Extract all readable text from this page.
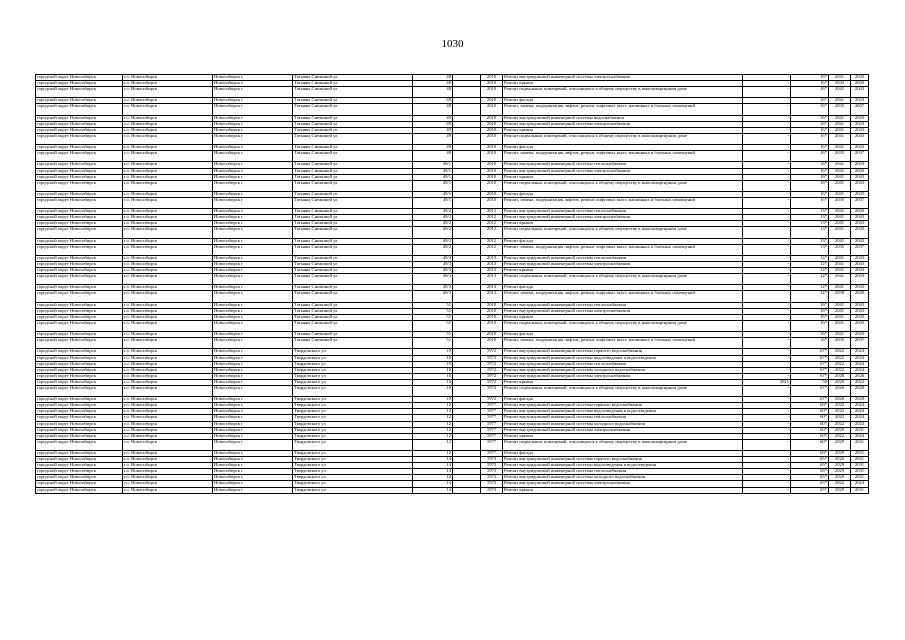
1030
городской округ Новосибирск	г.о. Новосибирск	Новосибирск г	Татьяны Снежиной ул	48		2010	Ремонт внутридомовой инженерной системы электроснабжения	-	16*	2041	2043
городской округ Новосибирск	г.о. Новосибирск	Новосибирск г	Татьяны Снежиной ул	48		2010	Ремонт крыши	-	16*	2043	2043
городской округ Новосибирск	г.о. Новосибирск	Новосибирск г	Татьяны Снежиной ул	48		2010	Ремонт подвальных помещений, относящихся к общему имуществу в многоквартирном доме	-	16*	2041	2043
городской округ Новосибирск	г.о. Новосибирск	Новосибирск г	Татьяны Снежиной ул	48		2010	Ремонт фасада	-	16*	2041	2043
городской округ Новосибирск	г.о. Новосибирск	Новосибирск г	Татьяны Снежиной ул	48		2010	Ремонт, замена, модернизация лифтов, ремонт лифтовых шахт, машинных и блочных помещений	-	16*	2035	2037
городской округ Новосибирск	г.о. Новосибирск	Новосибирск г	Татьяны Снежиной ул	49		2010	Ремонт внутридомовой инженерной системы водоснабжения	-	16*	2041	2043
городской округ Новосибирск	г.о. Новосибирск	Новосибирск г	Татьяны Снежиной ул	49		2010	Ремонт внутридомовой инженерной системы электроснабжения	-	16*	2041	2043
городской округ Новосибирск	г.о. Новосибирск	Новосибирск г	Татьяны Снежиной ул	49		2010	Ремонт крыши	-	16*	2041	2043
городской округ Новосибирск	г.о. Новосибирск	Новосибирск г	Татьяны Снежиной ул	49		2010	Ремонт подвальных помещений, относящихся к общему имуществу в многоквартирном доме	-	16*	2041	2043
городской округ Новосибирск	г.о. Новосибирск	Новосибирск г	Татьяны Снежиной ул	49		2010	Ремонт фасада	-	16*	2041	2043
городской округ Новосибирск	г.о. Новосибирск	Новосибирск г	Татьяны Снежиной ул	49		2010	Ремонт, замена, модернизация лифтов, ремонт лифтовых шахт, машинных и блочных помещений	-	16*	2035	2037
городской округ Новосибирск	г.о. Новосибирск	Новосибирск г	Татьяны Снежиной ул	49/1		2010	Ремонт внутридомовой инженерной системы теплоснабжения	-	16*	2041	2043
городской округ Новосибирск	г.о. Новосибирск	Новосибирск г	Татьяны Снежиной ул	49/1		2010	Ремонт внутридомовой инженерной системы электроснабжения	-	16*	2041	2043
городской округ Новосибирск	г.о. Новосибирск	Новосибирск г	Татьяны Снежиной ул	49/1		2010	Ремонт крыши	-	16*	2041	2043
городской округ Новосибирск	г.о. Новосибирск	Новосибирск г	Татьяны Снежиной ул	49/1		2010	Ремонт подвальных помещений, относящихся к общему имуществу в многоквартирном доме	-	16*	2041	2043
городской округ Новосибирск	г.о. Новосибирск	Новосибирск г	Татьяны Снежиной ул	49/1		2010	Ремонт фасада	-	16*	2041	2043
городской округ Новосибирск	г.о. Новосибирск	Новосибирск г	Татьяны Снежиной ул	49/1		2010	Ремонт, замена, модернизация лифтов, ремонт лифтовых шахт, машинных и блочных помещений	-	16*	2035	2037
городской округ Новосибирск	г.о. Новосибирск	Новосибирск г	Татьяны Снежиной ул	49/2		2012	Ремонт внутридомовой инженерной системы теплоснабжения	-	13*	2041	2043
городской округ Новосибирск	г.о. Новосибирск	Новосибирск г	Татьяны Снежиной ул	49/2		2012	Ремонт внутридомовой инженерной системы электроснабжения	-	13*	2041	2043
городской округ Новосибирск	г.о. Новосибирск	Новосибирск г	Татьяны Снежиной ул	49/2		2012	Ремонт крыши	-	13*	2041	2043
городской округ Новосибирск	г.о. Новосибирск	Новосибирск г	Татьяны Снежиной ул	49/2		2012	Ремонт подвальных помещений, относящихся к общему имуществу в многоквартирном доме	-	13*	2041	2043
городской округ Новосибирск	г.о. Новосибирск	Новосибирск г	Татьяны Снежиной ул	49/2		2012	Ремонт фасада	-	13*	2041	2043
городской округ Новосибирск	г.о. Новосибирск	Новосибирск г	Татьяны Снежиной ул	49/2		2012	Ремонт, замена, модернизация лифтов, ремонт лифтовых шахт, машинных и блочных помещений	-	13*	2035	2037
городской округ Новосибирск	г.о. Новосибирск	Новосибирск г	Татьяны Снежиной ул	49/3		2013	Ремонт внутридомовой инженерной системы теплоснабжения	-	12*	2041	2043
городской округ Новосибирск	г.о. Новосибирск	Новосибирск г	Татьяны Снежиной ул	49/3		2013	Ремонт внутридомовой инженерной системы электроснабжения	-	12*	2041	2043
городской округ Новосибирск	г.о. Новосибирск	Новосибирск г	Татьяны Снежиной ул	49/3		2013	Ремонт крыши	-	12*	2041	2043
городской округ Новосибирск	г.о. Новосибирск	Новосибирск г	Татьяны Снежиной ул	49/3		2013	Ремонт подвальных помещений, относящихся к общему имуществу в многоквартирном доме	-	12*	2041	2043
городской округ Новосибирск	г.о. Новосибирск	Новосибирск г	Татьяны Снежиной ул	49/3		2013	Ремонт фасада	-	12*	2041	2043
городской округ Новосибирск	г.о. Новосибирск	Новосибирск г	Татьяны Снежиной ул	49/3		2013	Ремонт, замена, модернизация лифтов, ремонт лифтовых шахт, машинных и блочных помещений	-	12*	2038	2040
городской округ Новосибирск	г.о. Новосибирск	Новосибирск г	Татьяны Снежиной ул	51		2010	Ремонт внутридомовой инженерной системы теплоснабжения	-	16*	2041	2043
городской округ Новосибирск	г.о. Новосибирск	Новосибирск г	Татьяны Снежиной ул	51		2010	Ремонт внутридомовой инженерной системы электроснабжения	-	16*	2041	2043
городской округ Новосибирск	г.о. Новосибирск	Новосибирск г	Татьяны Снежиной ул	51		2010	Ремонт крыши	-	16*	2041	2043
городской округ Новосибирск	г.о. Новосибирск	Новосибирск г	Татьяны Снежиной ул	51		2010	Ремонт подвальных помещений, относящихся к общему имуществу в многоквартирном доме	-	16*	2041	2043
городской округ Новосибирск	г.о. Новосибирск	Новосибирск г	Татьяны Снежиной ул	51		2010	Ремонт фасада	-	16*	2041	2043
городской округ Новосибирск	г.о. Новосибирск	Новосибирск г	Татьяны Снежиной ул	51		2010	Ремонт, замена, модернизация лифтов, ремонт лифтовых шахт, машинных и блочных помещений	-	16*	2035	2037
городской округ Новосибирск	г.о. Новосибирск	Новосибирск г	Твардовского ул	10		1972	Ремонт внутридомовой инженерной системы горячего водоснабжения	-	67*	2022	2024
городской округ Новосибирск	г.о. Новосибирск	Новосибирск г	Твардовского ул	10		1972	Ремонт внутридомовой инженерной системы водоотведения и водоотведения	-	67*	2022	2024
городской округ Новосибирск	г.о. Новосибирск	Новосибирск г	Твардовского ул	10		1972	Ремонт внутридомовой инженерной системы теплоснабжения	-	67*	2022	2024
городской округ Новосибирск	г.о. Новосибирск	Новосибирск г	Твардовского ул	10		1972	Ремонт внутридомовой инженерной системы холодного водоснабжения	-	67*	2022	2024
городской округ Новосибирск	г.о. Новосибирск	Новосибирск г	Твардовского ул	10		1972	Ремонт внутридомовой инженерной системы электроснабжения	-	67*	2026	2028
городской округ Новосибирск	г.о. Новосибирск	Новосибирск г	Твардовского ул	10		1972	Ремонт крыши	2021	50	2020	2022
городской округ Новосибирск	г.о. Новосибирск	Новосибирск г	Твардовского ул	10		1972	Ремонт подвальных помещений, относящихся к общему имуществу в многоквартирном доме	-	67*	2026	2028
городской округ Новосибирск	г.о. Новосибирск	Новосибирск г	Твардовского ул	10		1972	Ремонт фасада	-	67*	2026	2028
городской округ Новосибирск	г.о. Новосибирск	Новосибирск г	Твардовского ул	12		1977	Ремонт внутридомовой инженерной системы горячего водоснабжения	-	60*	2022	2024
городской округ Новосибирск	г.о. Новосибирск	Новосибирск г	Твардовского ул	12		1977	Ремонт внутридомовой инженерной системы водоотведения и водоотведения	-	60*	2022	2024
городской округ Новосибирск	г.о. Новосибирск	Новосибирск г	Твардовского ул	12		1977	Ремонт внутридомовой инженерной системы теплоснабжения	-	60*	2022	2024
городской округ Новосибирск	г.о. Новосибирск	Новосибирск г	Твардовского ул	12		1977	Ремонт внутридомовой инженерной системы холодного водоснабжения	-	60*	2022	2024
городской округ Новосибирск	г.о. Новосибирск	Новосибирск г	Твардовского ул	12		1977	Ремонт внутридомовой инженерной системы электроснабжения	-	60*	2029	2031
городской округ Новосибирск	г.о. Новосибирск	Новосибирск г	Твардовского ул	12		1977	Ремонт крыши	-	60*	2022	2024
городской округ Новосибирск	г.о. Новосибирск	Новосибирск г	Твардовского ул	12		1977	Ремонт подвальных помещений, относящихся к общему имуществу в многоквартирном доме	-	60*	2029	2031
городской округ Новосибирск	г.о. Новосибирск	Новосибирск г	Твардовского ул	12		1977	Ремонт фасада	-	60*	2029	2031
городской округ Новосибирск	г.о. Новосибирск	Новосибирск г	Твардовского ул	14		1973	Ремонт внутридомовой инженерной системы горячего водоснабжения	-	65*	2020	2021
городской округ Новосибирск	г.о. Новосибирск	Новосибирск г	Твардовского ул	14		1973	Ремонт внутридомовой инженерной системы водоотведения и водоотведения	-	65*	2029	2031
городской округ Новосибирск	г.о. Новосибирск	Новосибирск г	Твардовского ул	14		1973	Ремонт внутридомовой инженерной системы теплоснабжения	-	65*	2029	2031
городской округ Новосибирск	г.о. Новосибирск	Новосибирск г	Твардовского ул	14		1973	Ремонт внутридомовой инженерной системы холодного водоснабжения	-	65*	2020	2021
городской округ Новосибирск	г.о. Новосибирск	Новосибирск г	Твардовского ул	14		1973	Ремонт внутридомовой инженерной системы электроснабжения	-	65*	2022	2024
городской округ Новосибирск	г.о. Новосибирск	Новосибирск г	Твардовского ул	14		1973	Ремонт крыши	-	65*	2029	2031
